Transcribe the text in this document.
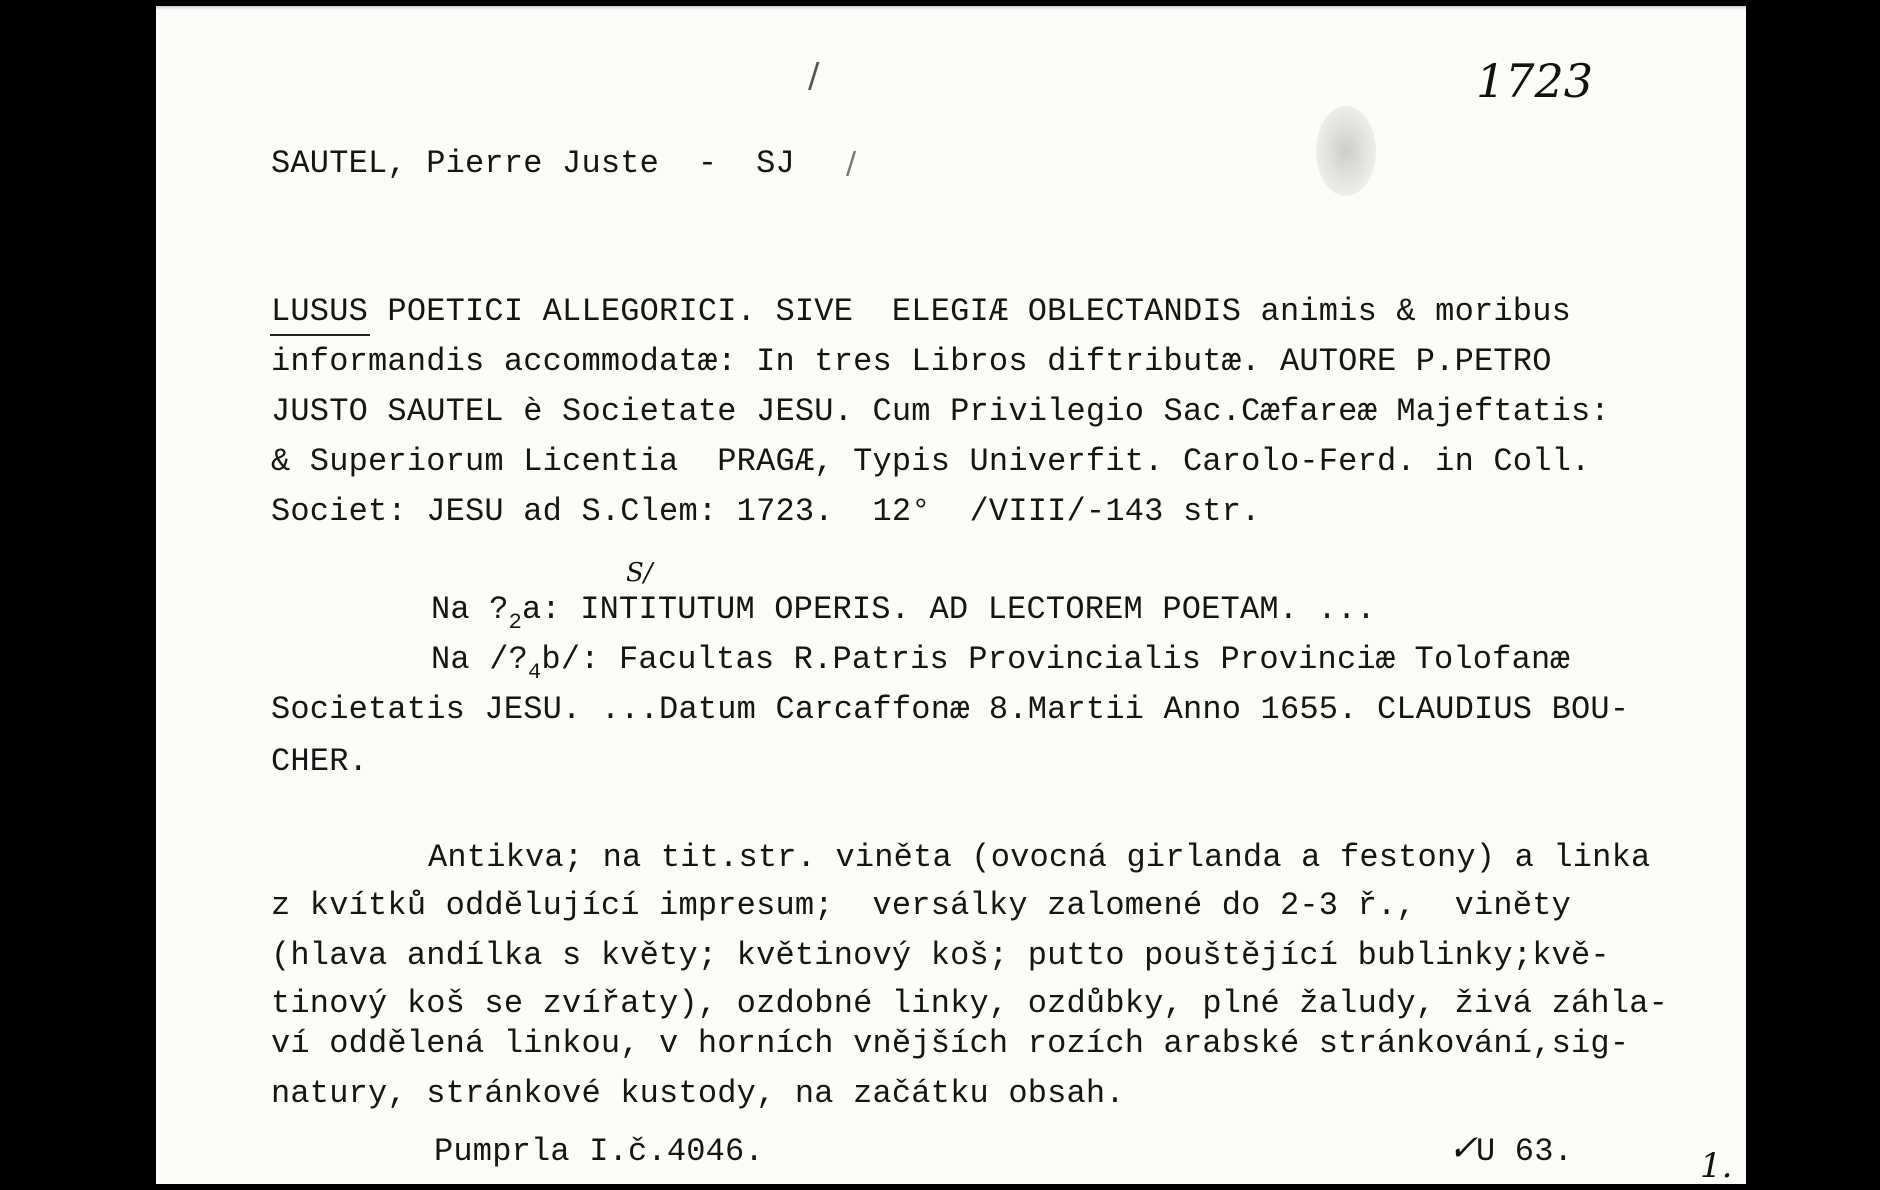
/
/
1723
SAUTEL, Pierre Juste  -  SJ
LUSUS POETICI ALLEGORICI. SIVE  ELEGIÆ OBLECTANDIS animis & moribus
informandis accommodatæ: In tres Libros diftributæ. AUTORE P.PETRO
JUSTO SAUTEL è Societate JESU. Cum Privilegio Sac.Cæfareæ Majeftatis:
& Superiorum Licentia  PRAGÆ, Typis Univerfit. Carolo-Ferd. in Coll.
Societ: JESU ad S.Clem: 1723.  12°  /VIII/-143 str.
S/
Na $?_2a$: INTITUTUM OPERIS. AD LECTOREM POETAM. ...
Na $/?_4b/$: Facultas R.Patris Provincialis Provinciæ Tolofanæ
Societatis JESU. ...Datum Carcaffonæ 8.Martii Anno 1655. CLAUDIUS BOU-
CHER.
Antikva; na tit.str. viněta (ovocná girlanda a festony) a linka
z kvítků oddělující impresum;  versálky zalomené do 2-3 ř.,  viněty
(hlava andílka s květy; květinový koš; putto pouštějící bublinky;kvě-
tinový koš se zvířaty), ozdobné linky, ozdůbky, plné žaludy, živá záhla-
ví oddělená linkou, v horních vnějších rozích arabské stránkování,sig-
natury, stránkové kustody, na začátku obsah.
Pumprla I.č.4046.	✓
U 63.	1.
